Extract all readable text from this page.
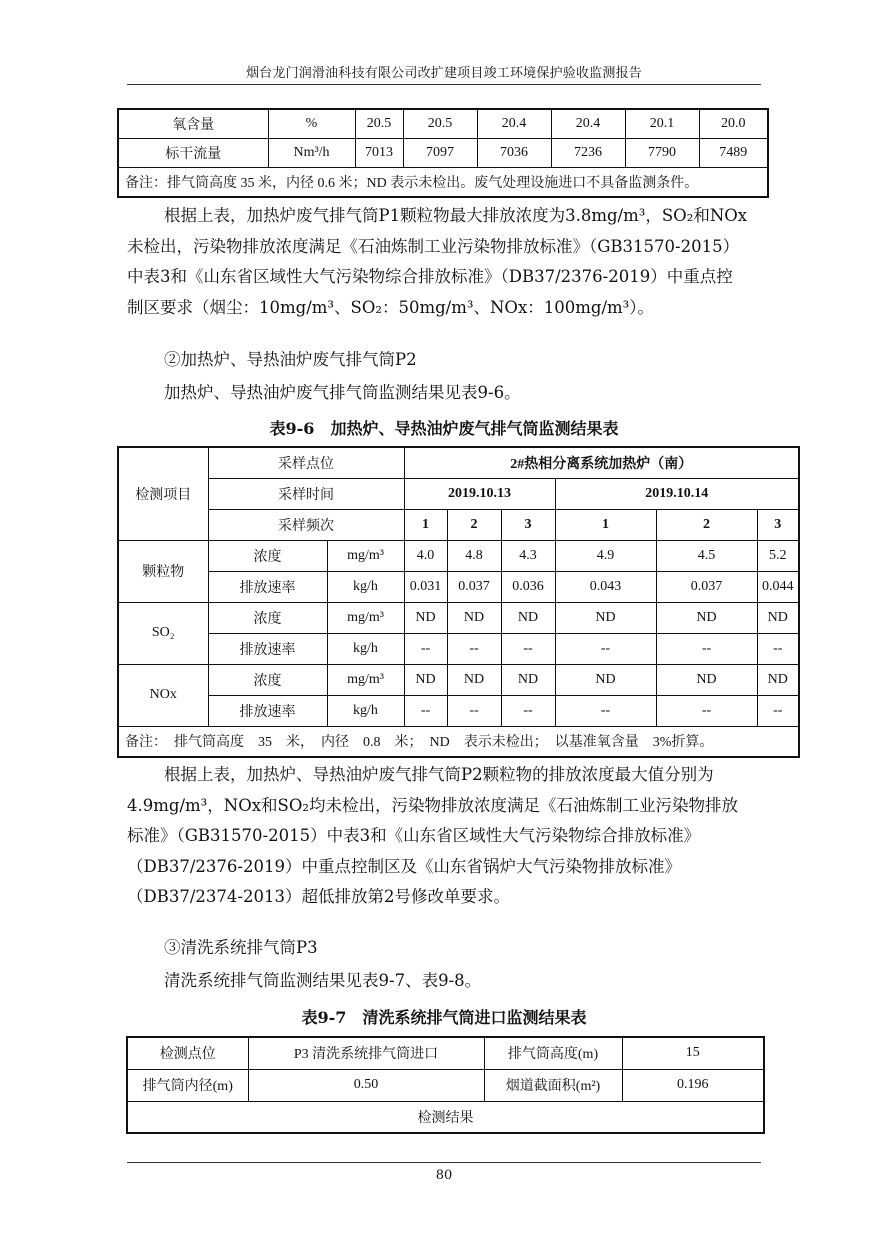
烟台龙门润滑油科技有限公司改扩建项目竣工环境保护验收监测报告
氧含量	%	20.5	20.5	20.4	20.4	20.1	20.0
标干流量	Nm³/h	7013	7097	7036	7236	7790	7489
备注：排气筒高度 35 米，内径 0.6 米；ND 表示未检出。废气处理设施进口不具备监测条件。							
根据上表，加热炉废气排气筒P1颗粒物最大排放浓度为3.8mg/m³，SO₂和NOx
未检出，污染物排放浓度满足《石油炼制工业污染物排放标准》（GB31570-2015）
中表3和《山东省区域性大气污染物综合排放标准》（DB37/2376-2019）中重点控
制区要求（烟尘：10mg/m³、SO₂：50mg/m³、NOx：100mg/m³）。
②加热炉、导热油炉废气排气筒P2
加热炉、导热油炉废气排气筒监测结果见表9-6。
表9-6　加热炉、导热油炉废气排气筒监测结果表
检测项目	采样点位		2#热相分离系统加热炉（南）					
	采样时间		2019.10.13			2019.10.14		
	采样频次		1	2	3	1	2	3
颗粒物	浓度	mg/m³	4.0	4.8	4.3	4.9	4.5	5.2
	排放速率	kg/h	0.031	0.037	0.036	0.043	0.037	0.044
SO₂	浓度	mg/m³	ND	ND	ND	ND	ND	ND
	排放速率	kg/h	--	--	--	--	--	--
NOx	浓度	mg/m³	ND	ND	ND	ND	ND	ND
	排放速率	kg/h	--	--	--	--	--	--
备注：　排气筒高度　35　米，　内径　0.8　米；　ND　表示未检出；　以基准氧含量　3%折算。								
根据上表，加热炉、导热油炉废气排气筒P2颗粒物的排放浓度最大值分别为
4.9mg/m³，NOx和SO₂均未检出，污染物排放浓度满足《石油炼制工业污染物排放
标准》（GB31570-2015）中表3和《山东省区域性大气污染物综合排放标准》
（DB37/2376-2019）中重点控制区及《山东省锅炉大气污染物排放标准》
（DB37/2374-2013）超低排放第2号修改单要求。
③清洗系统排气筒P3
清洗系统排气筒监测结果见表9-7、表9-8。
表9-7　清洗系统排气筒进口监测结果表
检测点位	P3 清洗系统排气筒进口	排气筒高度(m)	15
排气筒内径(m)	0.50	烟道截面积(m²)	0.196
检测结果			
80
